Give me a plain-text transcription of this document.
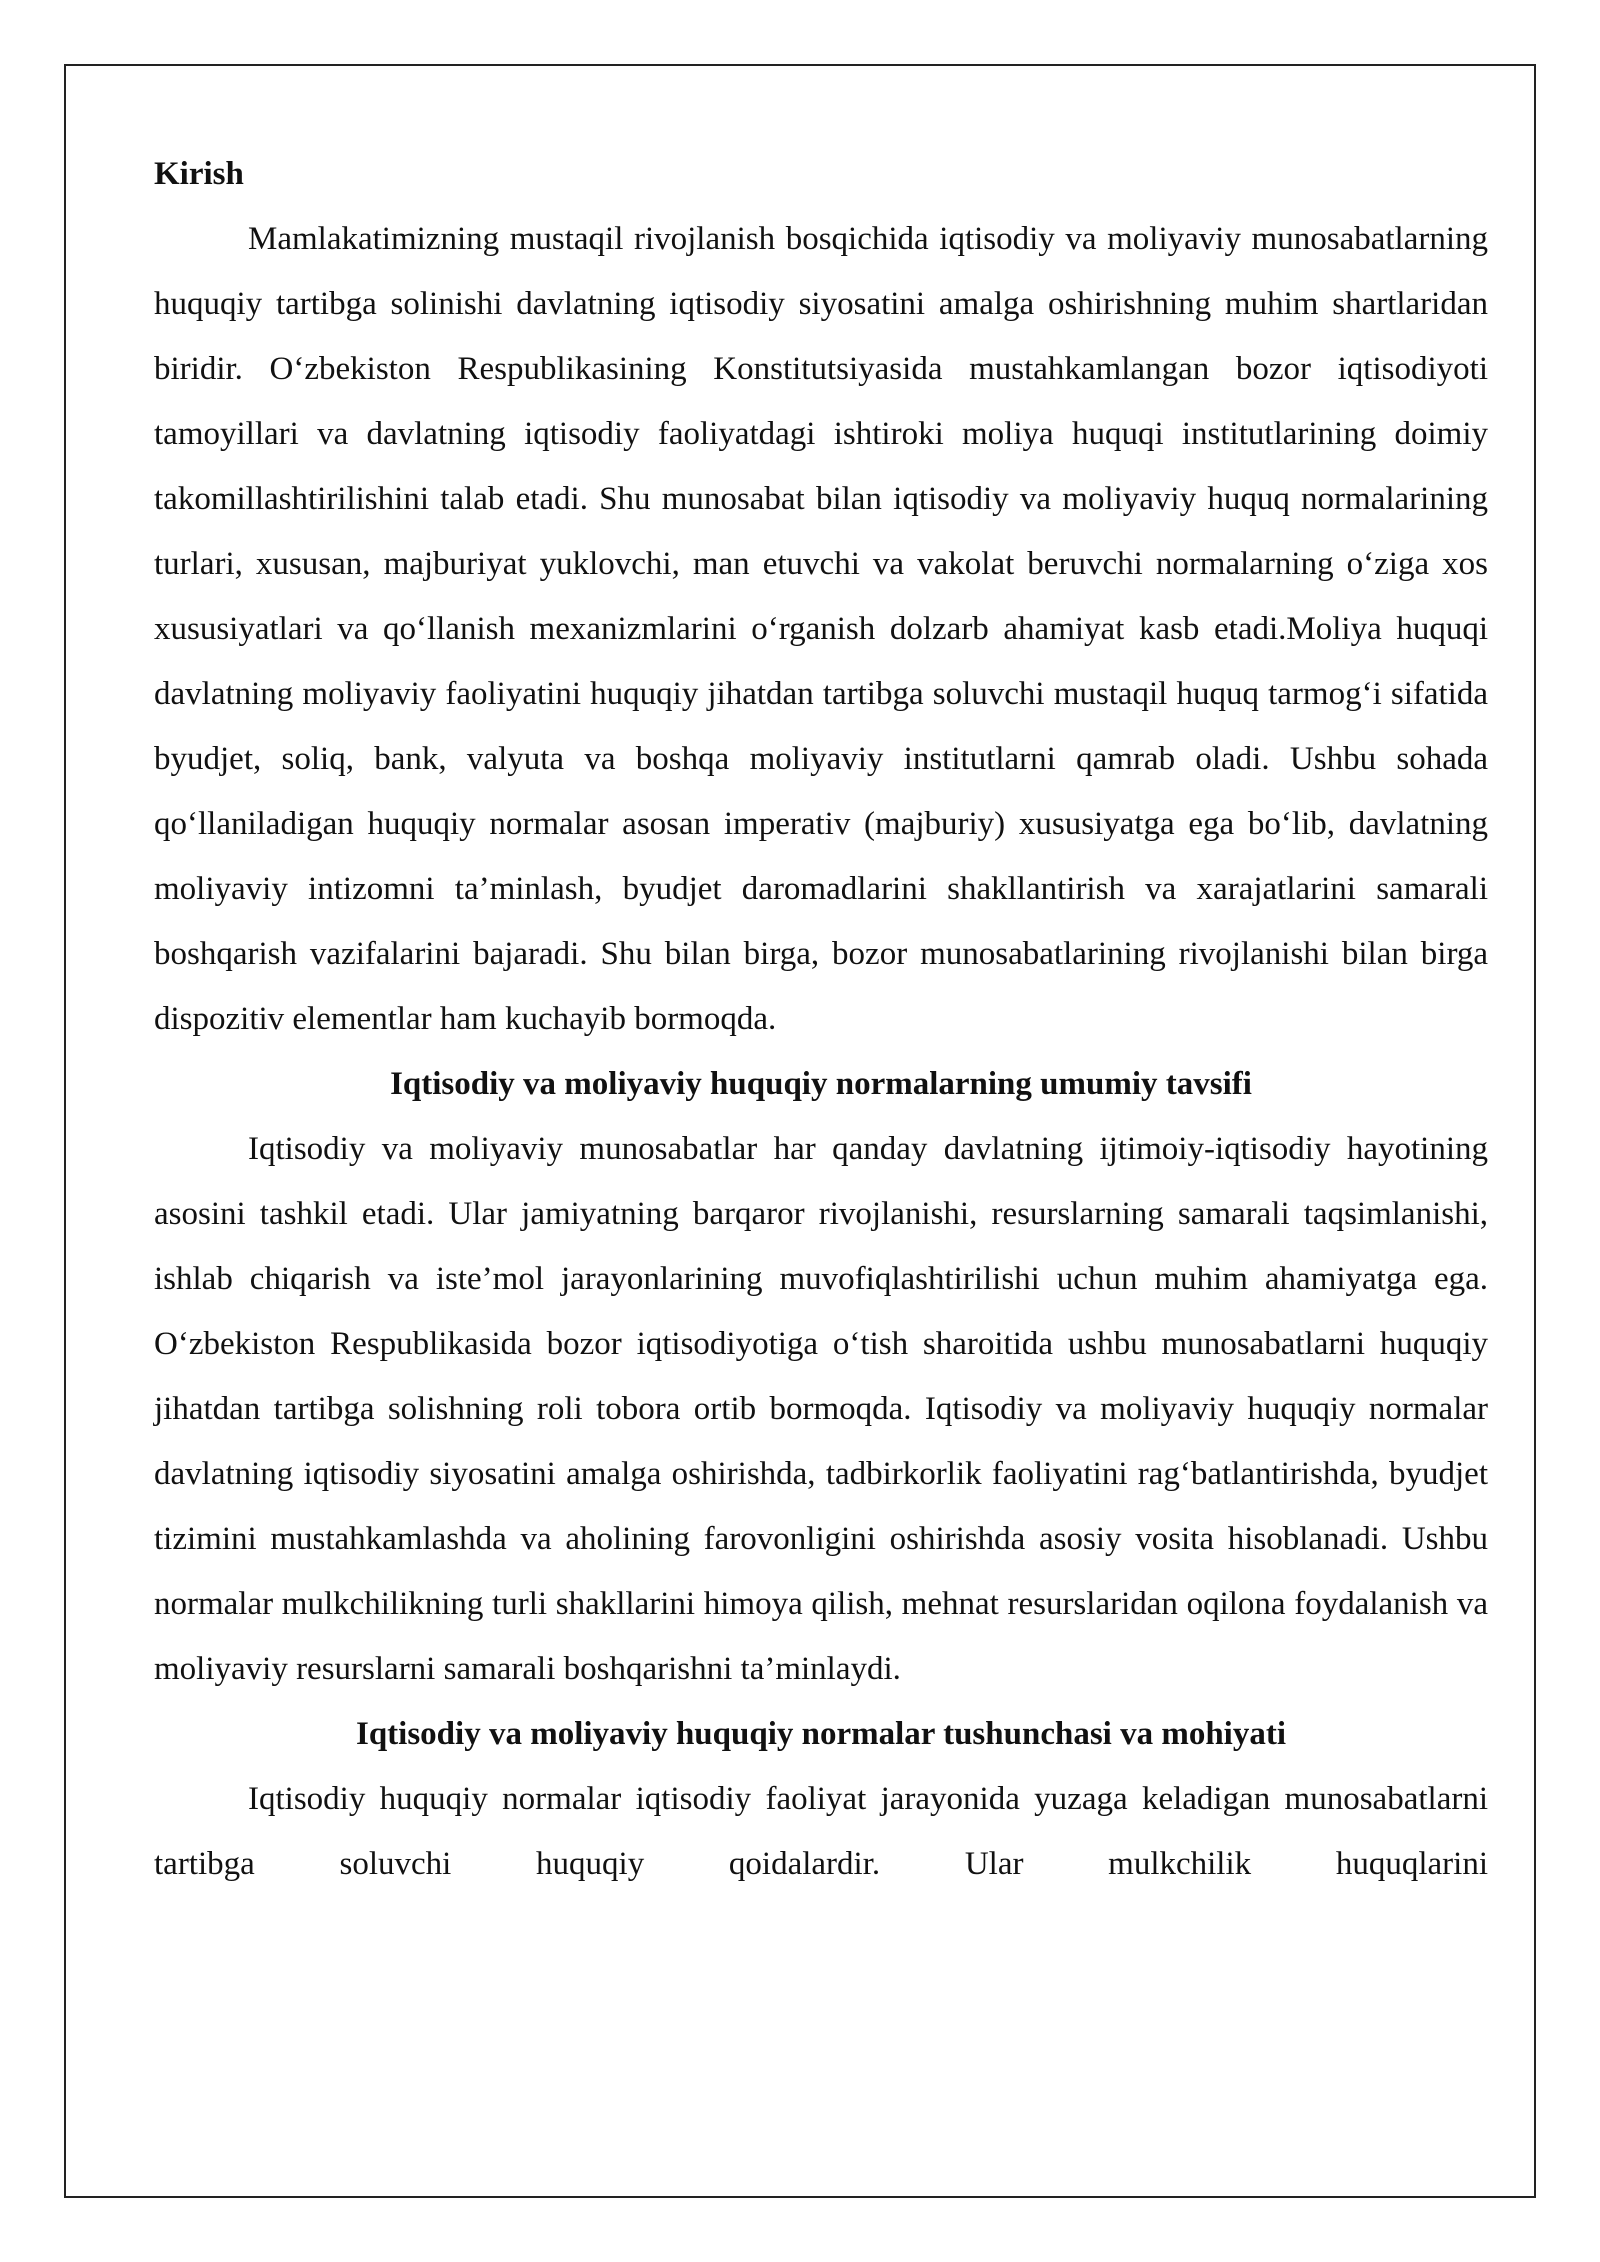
Kirish

Mamlakatimizning mustaqil rivojlanish bosqichida iqtisodiy va moliyaviy munosabatlarning huquqiy tartibga solinishi davlatning iqtisodiy siyosatini amalga oshirishning muhim shartlaridan biridir. O‘zbekiston Respublikasining Konstitutsiyasida mustahkamlangan bozor iqtisodiyoti tamoyillari va davlatning iqtisodiy faoliyatdagi ishtiroki moliya huquqi institutlarining doimiy takomillashtirilishini talab etadi. Shu munosabat bilan iqtisodiy va moliyaviy huquq normalarining turlari, xususan, majburiyat yuklovchi, man etuvchi va vakolat beruvchi normalarning o‘ziga xos xususiyatlari va qo‘llanish mexanizmlarini o‘rganish dolzarb ahamiyat kasb etadi.Moliya huquqi davlatning moliyaviy faoliyatini huquqiy jihatdan tartibga soluvchi mustaqil huquq tarmog‘i sifatida byudjet, soliq, bank, valyuta va boshqa moliyaviy institutlarni qamrab oladi. Ushbu sohada qo‘llaniladigan huquqiy normalar asosan imperativ (majburiy) xususiyatga ega bo‘lib, davlatning moliyaviy intizomni ta’minlash, byudjet daromadlarini shakllantirish va xarajatlarini samarali boshqarish vazifalarini bajaradi. Shu bilan birga, bozor munosabatlarining rivojlanishi bilan birga dispozitiv elementlar ham kuchayib bormoqda.

Iqtisodiy va moliyaviy huquqiy normalarning umumiy tavsifi

Iqtisodiy va moliyaviy munosabatlar har qanday davlatning ijtimoiy-iqtisodiy hayotining asosini tashkil etadi. Ular jamiyatning barqaror rivojlanishi, resurslarning samarali taqsimlanishi, ishlab chiqarish va iste’mol jarayonlarining muvofiqlashtirilishi uchun muhim ahamiyatga ega. O‘zbekiston Respublikasida bozor iqtisodiyotiga o‘tish sharoitida ushbu munosabatlarni huquqiy jihatdan tartibga solishning roli tobora ortib bormoqda. Iqtisodiy va moliyaviy huquqiy normalar davlatning iqtisodiy siyosatini amalga oshirishda, tadbirkorlik faoliyatini rag‘batlantirishda, byudjet tizimini mustahkamlashda va aholining farovonligini oshirishda asosiy vosita hisoblanadi. Ushbu normalar mulkchilikning turli shakllarini himoya qilish, mehnat resurslaridan oqilona foydalanish va moliyaviy resurslarni samarali boshqarishni ta’minlaydi.

Iqtisodiy va moliyaviy huquqiy normalar tushunchasi va mohiyati

Iqtisodiy huquqiy normalar iqtisodiy faoliyat jarayonida yuzaga keladigan munosabatlarni tartibga soluvchi huquqiy qoidalardir. Ular mulkchilik huquqlarini
